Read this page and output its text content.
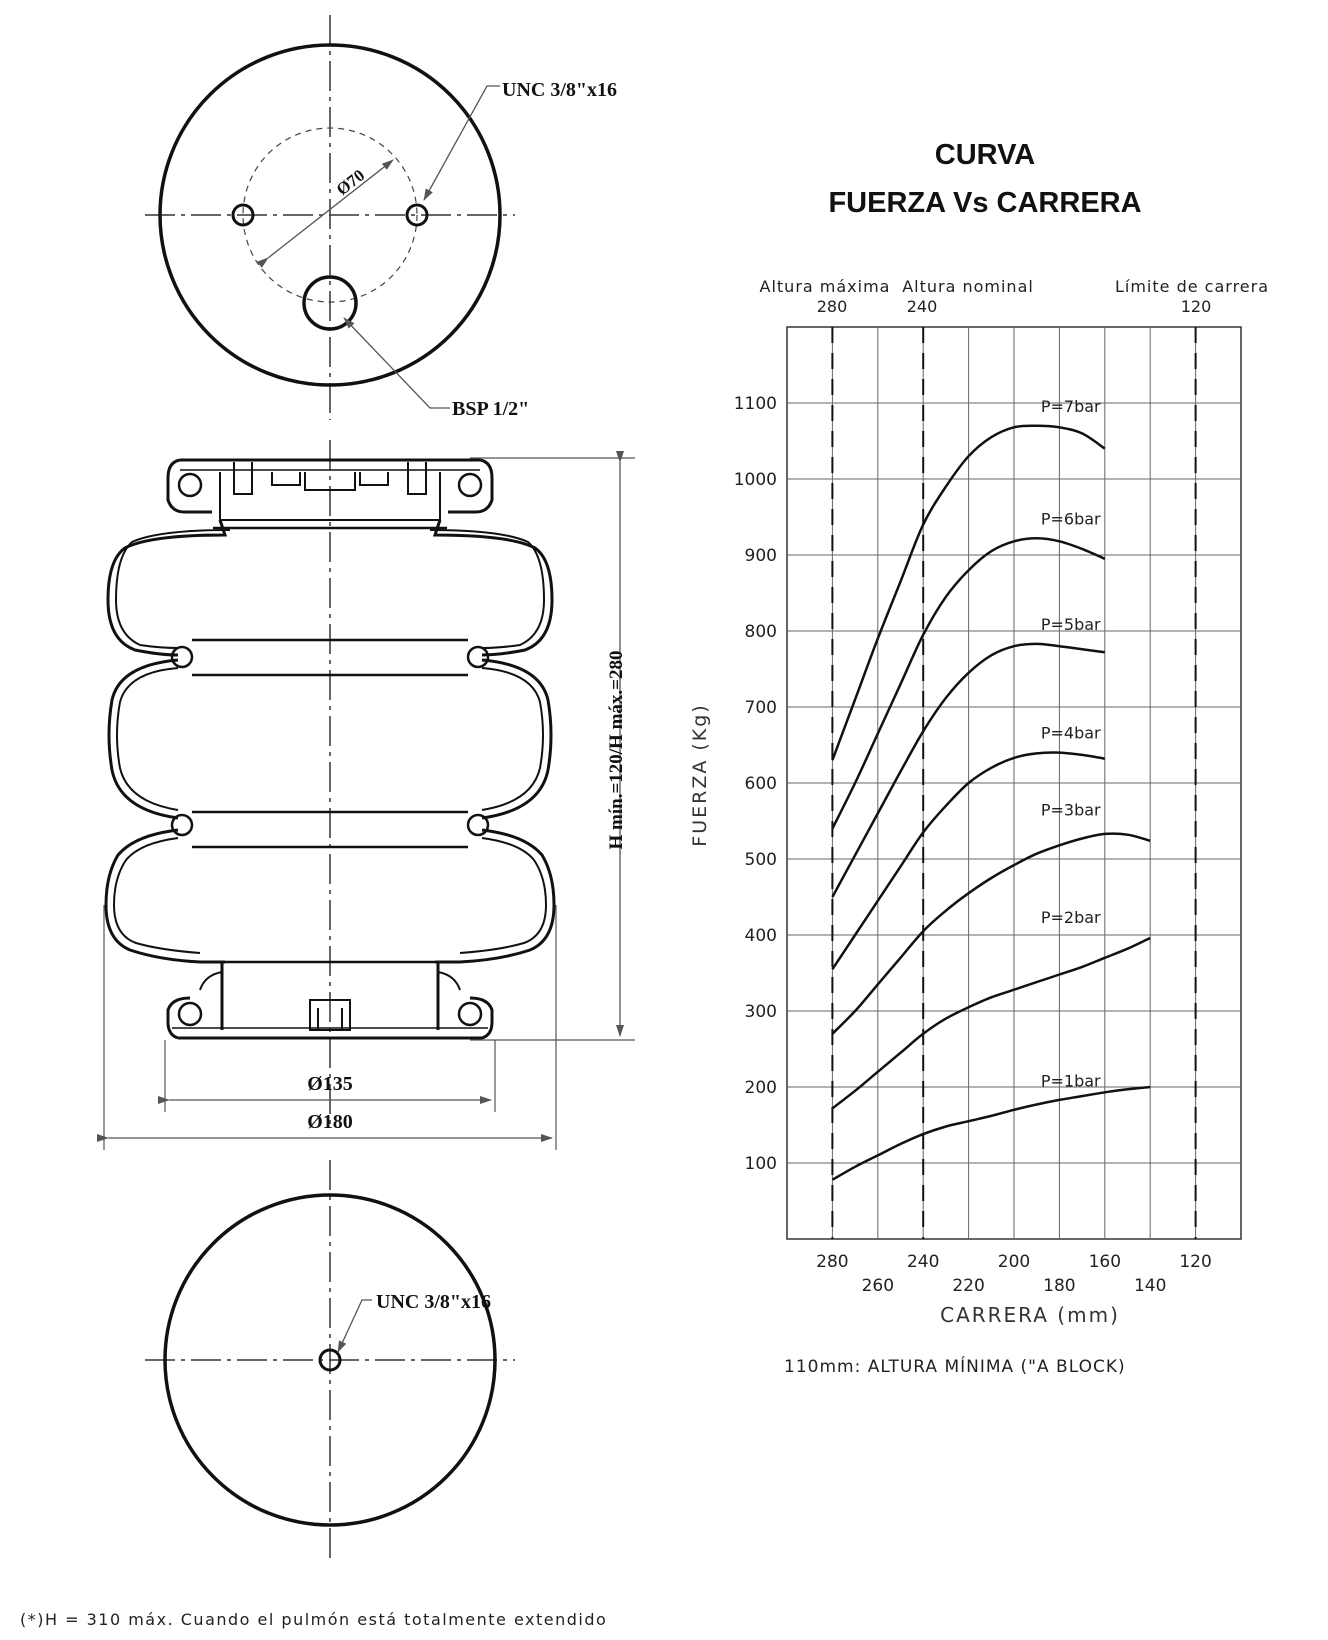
UNC 3/8"x16
Ø70
BSP 1/2"
H mín.=120/H máx.=280
Ø135
Ø180
UNC 3/8"x16
CURVA
FUERZA Vs CARRERA
P=7bar
P=6bar
P=5bar
P=4bar
P=3bar
P=2bar
P=1bar
100
200
300
400
500
600
700
800
900
1000
1100
280	240	200	160	120
260	220	180	140
Altura máxima Altura nominal	Límite de carrera
280	240	120
FUERZA (Kg)
CARRERA (mm)
110mm: ALTURA MÍNIMA ("A BLOCK)
(*)H = 310 máx. Cuando el pulmón está totalmente extendido
